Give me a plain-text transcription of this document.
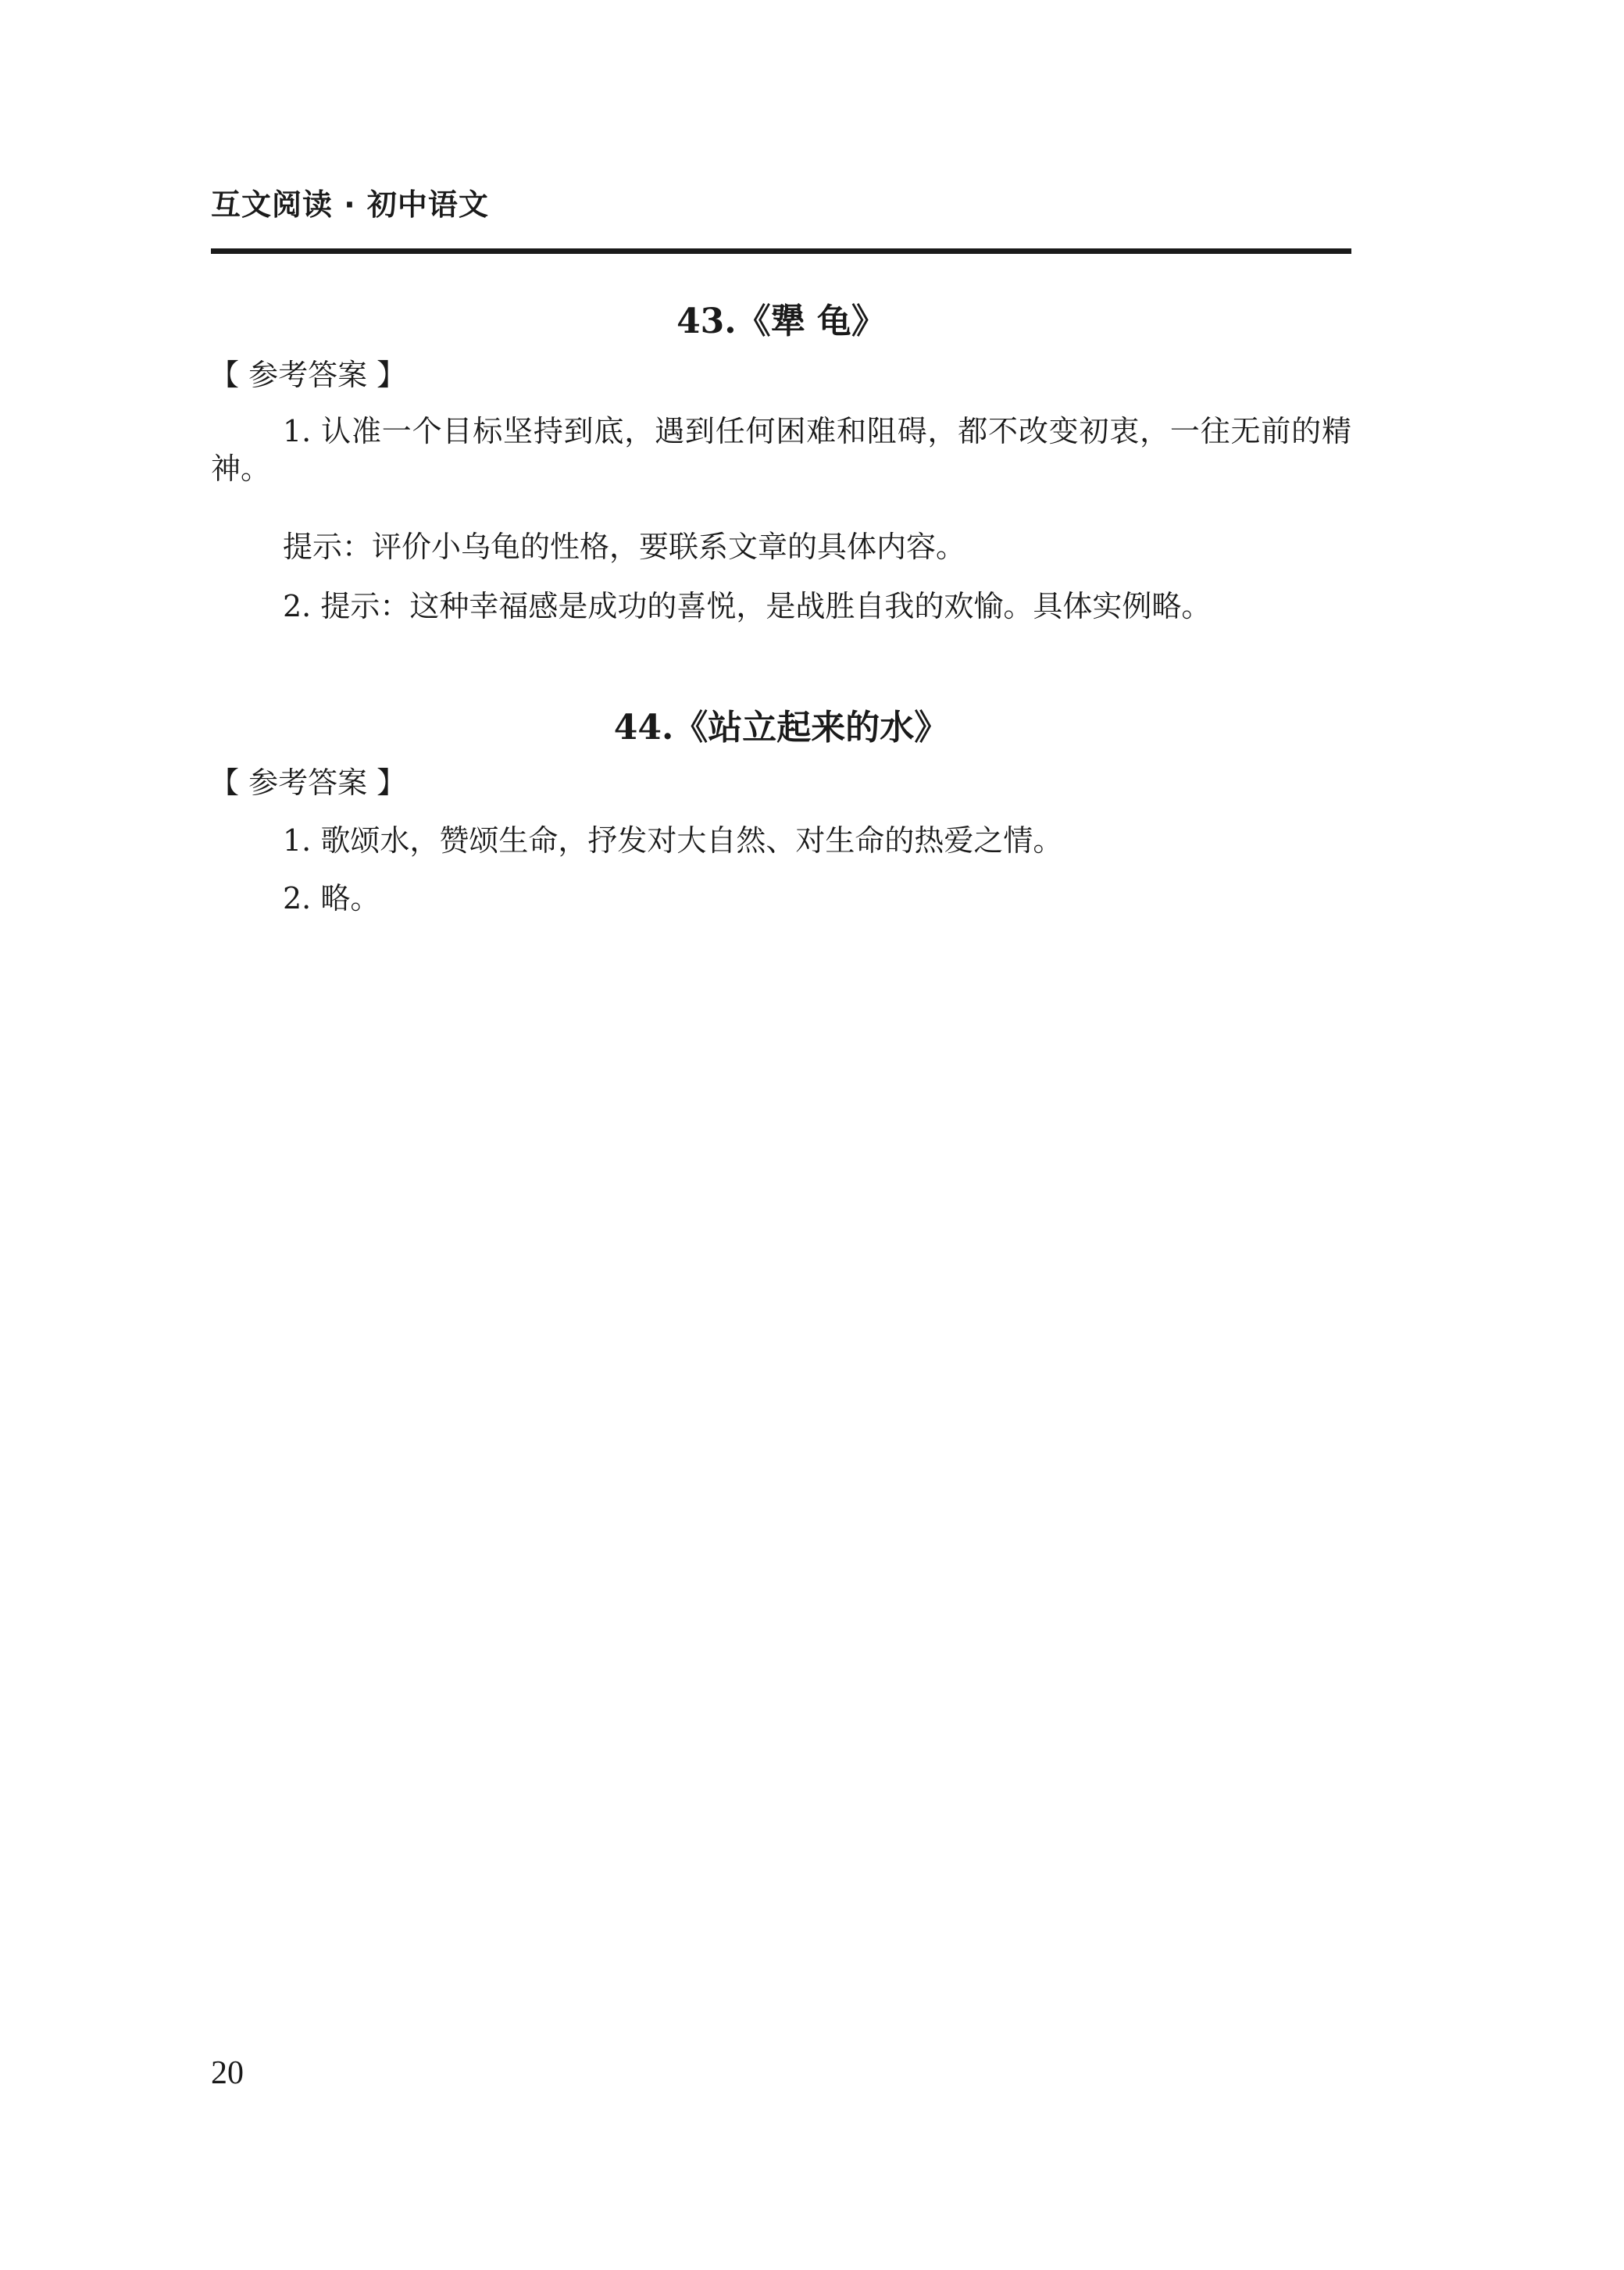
互文阅读 · 初中语文
43.《犟 龟》
【 参考答案 】

1. 认准一个目标坚持到底，遇到任何困难和阻碍，都不改变初衷，一往无前的精神。

提示：评价小乌龟的性格，要联系文章的具体内容。

2. 提示：这种幸福感是成功的喜悦，是战胜自我的欢愉。具体实例略。

44.《站立起来的水》
【 参考答案 】

1. 歌颂水，赞颂生命，抒发对大自然、对生命的热爱之情。

2. 略。

20
